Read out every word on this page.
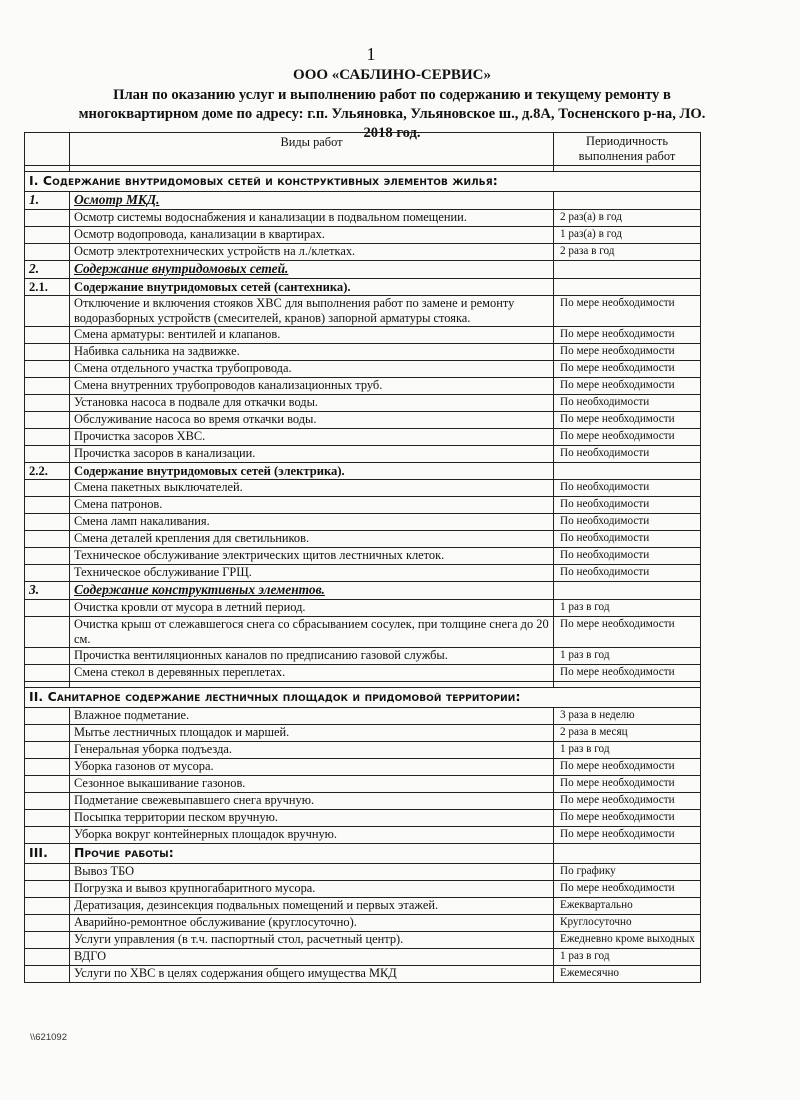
1
ООО «САБЛИНО-СЕРВИС»
План по оказанию услуг и выполнению работ по содержанию и текущему ремонту в
многоквартирном доме по адресу: г.п. Ульяновка, Ульяновское ш., д.8А, Тосненского р-на, ЛО.
2018 год.
	Виды работ	Периодичность
выполнения работ

I. Содержание внутридомовых сетей и конструктивных элементов жилья:		
1.	Осмотр МКД.	
	Осмотр системы водоснабжения и канализации в подвальном помещении.	2 раз(а) в год
	Осмотр водопровода, канализации в квартирах.	1 раз(а) в год
	Осмотр электротехнических устройств на л./клетках.	2 раза в год
2.	Содержание внутридомовых сетей.	
2.1.	Содержание внутридомовых сетей (сантехника).	
	Отключение и включения стояков ХВС для выполнения работ по замене и ремонту водоразборных устройств (смесителей, кранов) запорной арматуры стояка.	По мере необходимости
	Смена арматуры: вентилей и клапанов.	По мере необходимости
	Набивка сальника на задвижке.	По мере необходимости
	Смена отдельного участка трубопровода.	По мере необходимости
	Смена внутренних трубопроводов канализационных труб.	По мере необходимости
	Установка насоса в подвале для откачки воды.	По необходимости
	Обслуживание насоса во время откачки воды.	По мере необходимости
	Прочистка засоров ХВС.	По мере необходимости
	Прочистка засоров в канализации.	По необходимости
2.2.	Содержание внутридомовых сетей (электрика).	
	Смена пакетных выключателей.	По необходимости
	Смена патронов.	По необходимости
	Смена ламп накаливания.	По необходимости
	Смена деталей крепления для светильников.	По необходимости
	Техническое обслуживание электрических щитов лестничных клеток.	По необходимости
	Техническое обслуживание ГРЩ.	По необходимости
3.	Содержание конструктивных элементов.	
	Очистка кровли от мусора в летний период.	1 раз в год
	Очистка крыш от слежавшегося снега со сбрасыванием сосулек, при толщине снега до 20 см.	По мере необходимости
	Прочистка вентиляционных каналов по предписанию газовой службы.	1 раз в год
	Смена стекол в деревянных переплетах.	По мере необходимости

II. Санитарное содержание лестничных площадок и придомовой территории:		
	Влажное подметание.	3 раза в неделю
	Мытье лестничных площадок и маршей.	2 раза в месяц
	Генеральная уборка подъезда.	1 раз в год
	Уборка газонов от мусора.	По мере необходимости
	Сезонное выкашивание газонов.	По мере необходимости
	Подметание свежевыпавшего снега вручную.	По мере необходимости
	Посыпка территории песком вручную.	По мере необходимости
	Уборка вокруг контейнерных площадок вручную.	По мере необходимости
III.	Прочие работы:	
	Вывоз ТБО	По графику
	Погрузка и вывоз крупногабаритного мусора.	По мере необходимости
	Дератизация, дезинсекция подвальных помещений и первых этажей.	Ежеквартально
	Аварийно-ремонтное обслуживание (круглосуточно).	Круглосуточно
	Услуги управления (в т.ч. паспортный стол, расчетный центр).	Ежедневно кроме выходных
	ВДГО	1 раз в год
	Услуги по ХВС в целях содержания общего имущества МКД	Ежемесячно
\\621092
